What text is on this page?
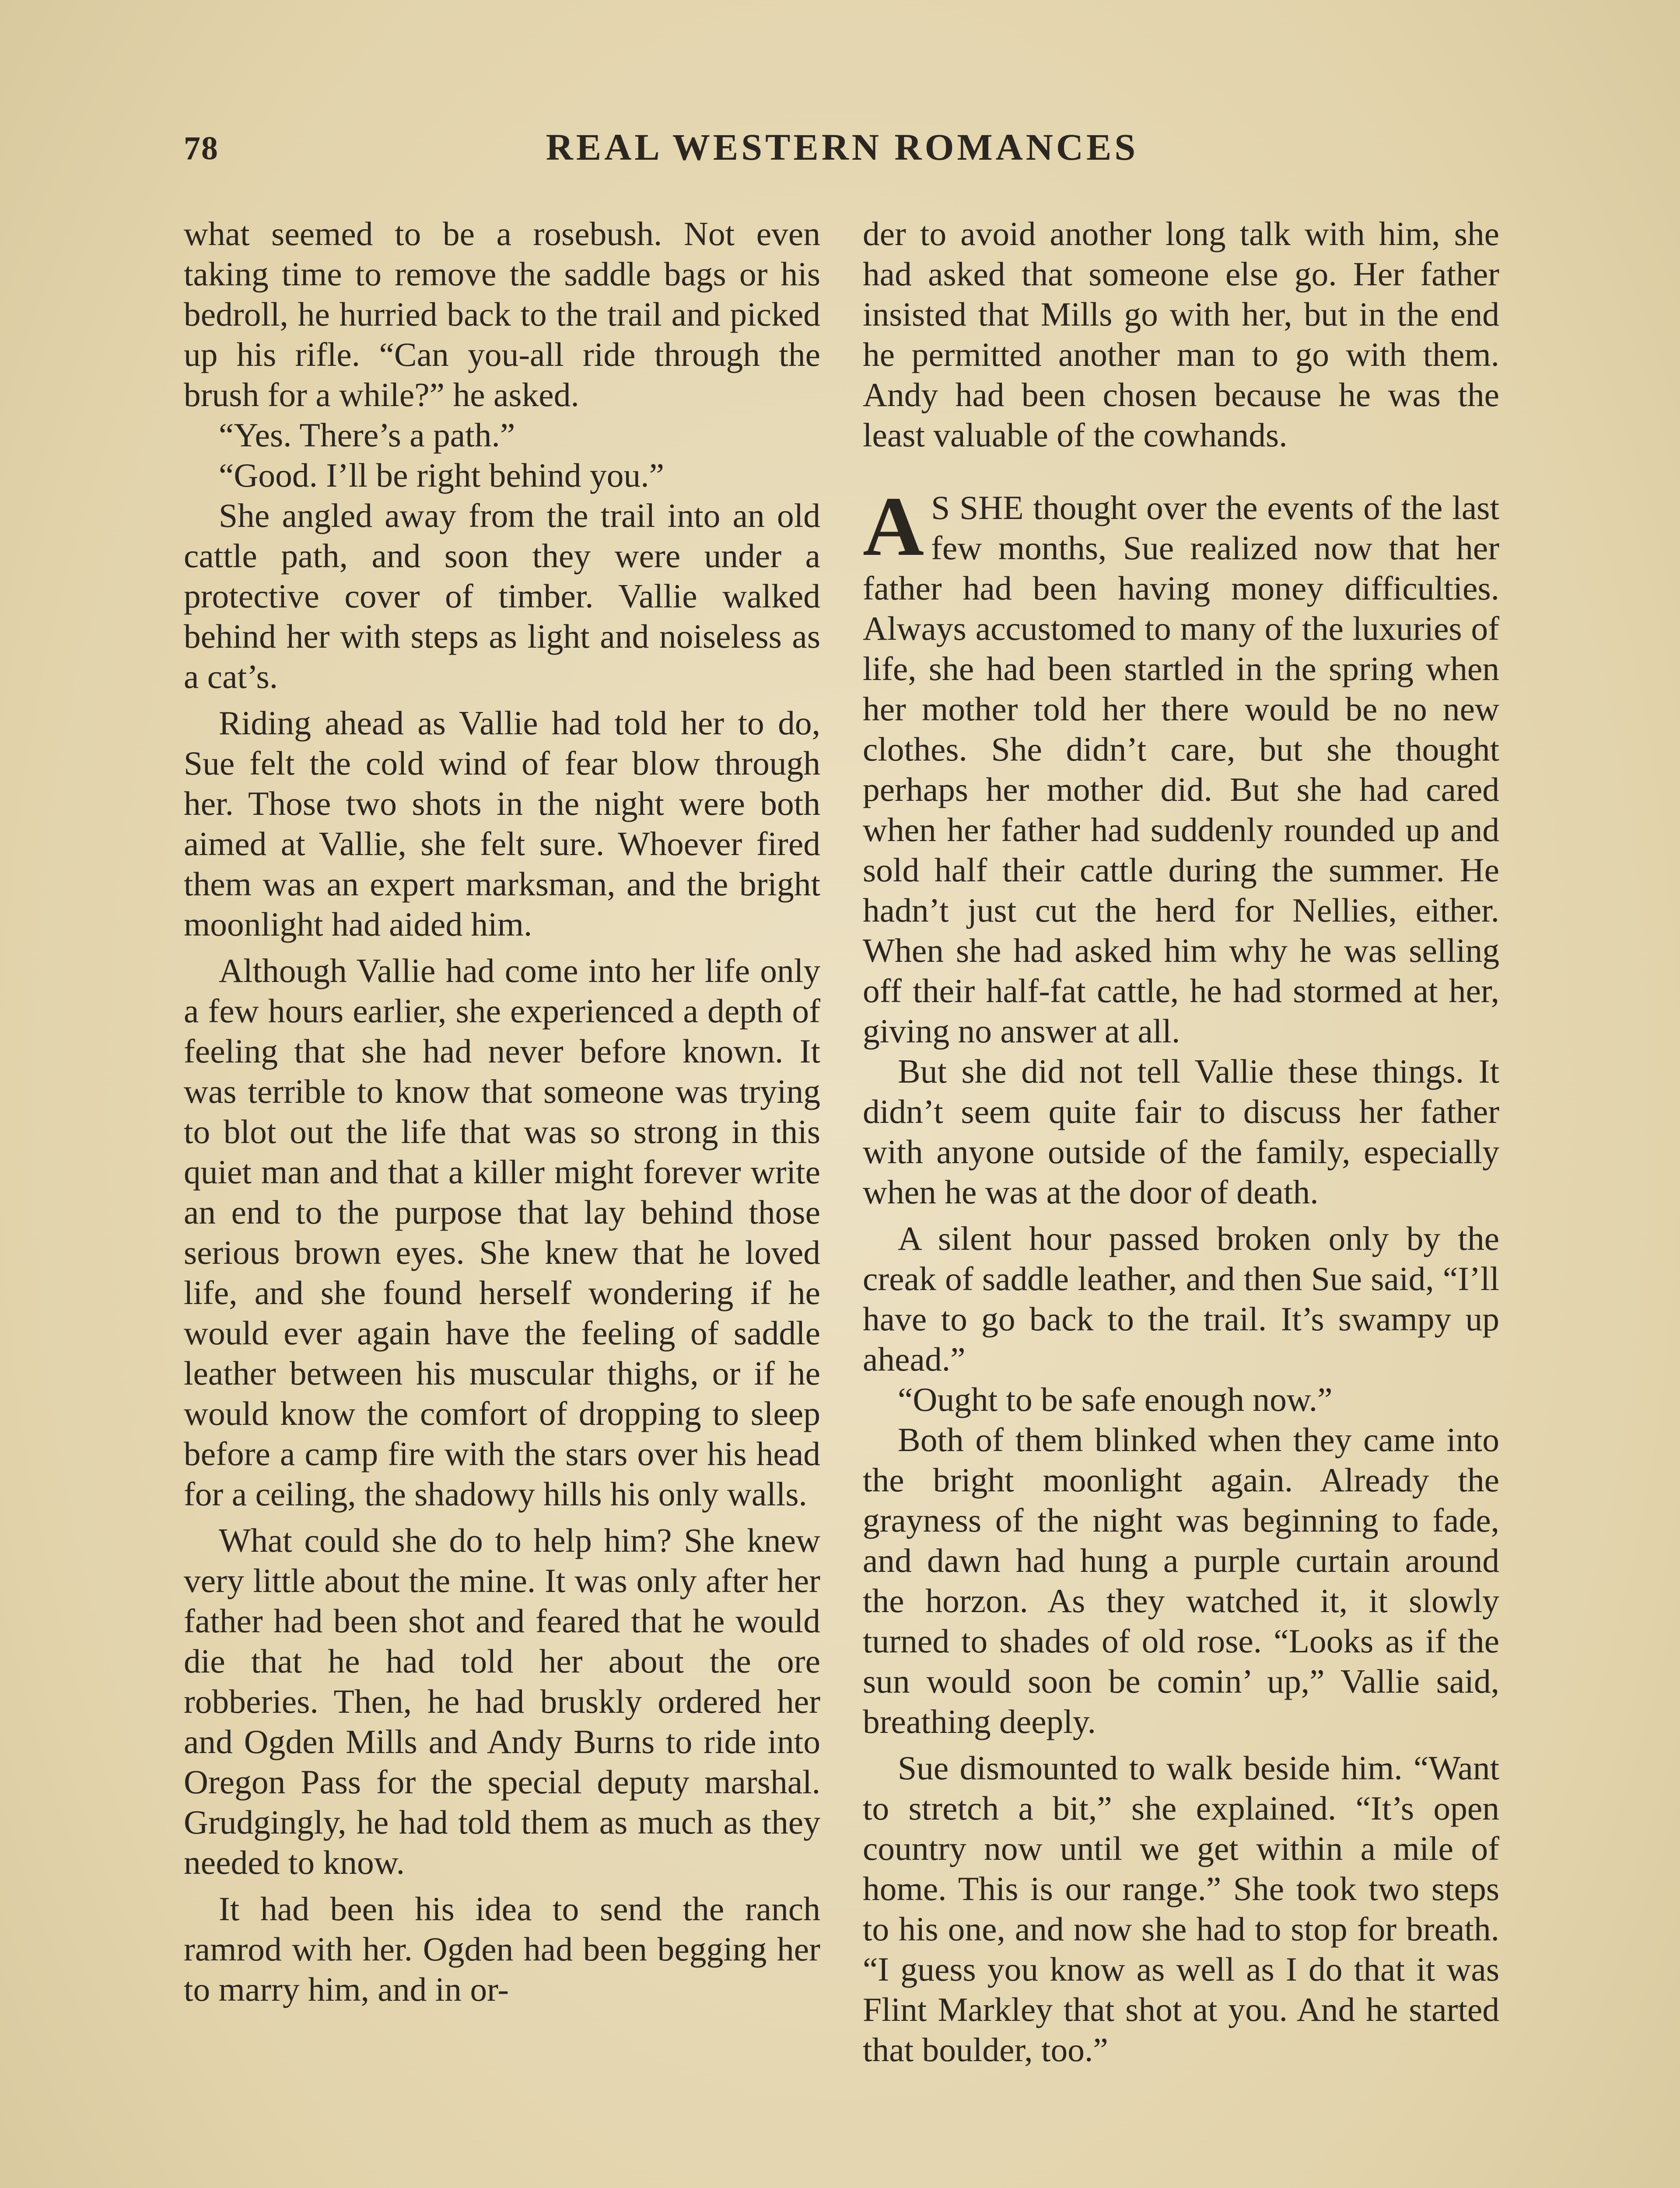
78	REAL WESTERN ROMANCES

what seemed to be a rosebush. Not even taking time to remove the saddle bags or his bedroll, he hurried back to the trail and picked up his rifle. “Can you-all ride through the brush for a while?” he asked.

“Yes. There’s a path.”

“Good. I’ll be right behind you.”

She angled away from the trail into an old cattle path, and soon they were under a protective cover of timber. Vallie walked behind her with steps as light and noiseless as a cat’s.

Riding ahead as Vallie had told her to do, Sue felt the cold wind of fear blow through her. Those two shots in the night were both aimed at Vallie, she felt sure. Whoever fired them was an expert marksman, and the bright moonlight had aided him.

Although Vallie had come into her life only a few hours earlier, she experienced a depth of feeling that she had never before known. It was terrible to know that someone was trying to blot out the life that was so strong in this quiet man and that a killer might forever write an end to the purpose that lay behind those serious brown eyes. She knew that he loved life, and she found herself wondering if he would ever again have the feeling of saddle leather between his muscular thighs, or if he would know the comfort of dropping to sleep before a camp fire with the stars over his head for a ceiling, the shadowy hills his only walls.

What could she do to help him? She knew very little about the mine. It was only after her father had been shot and feared that he would die that he had told her about the ore robberies. Then, he had bruskly ordered her and Ogden Mills and Andy Burns to ride into Oregon Pass for the special deputy marshal. Grudgingly, he had told them as much as they needed to know.

It had been his idea to send the ranch ramrod with her. Ogden had been begging her to marry him, and in or-

der to avoid another long talk with him, she had asked that someone else go. Her father insisted that Mills go with her, but in the end he permitted another man to go with them. Andy had been chosen because he was the least valuable of the cowhands.

A S SHE thought over the events of the last few months, Sue realized now that her father had been having money difficulties. Always accustomed to many of the luxuries of life, she had been startled in the spring when her mother told her there would be no new clothes. She didn’t care, but she thought perhaps her mother did. But she had cared when her father had suddenly rounded up and sold half their cattle during the summer. He hadn’t just cut the herd for Nellies, either. When she had asked him why he was selling off their half-fat cattle, he had stormed at her, giving no answer at all.

But she did not tell Vallie these things. It didn’t seem quite fair to discuss her father with anyone outside of the family, especially when he was at the door of death.

A silent hour passed broken only by the creak of saddle leather, and then Sue said, “I’ll have to go back to the trail. It’s swampy up ahead.”

“Ought to be safe enough now.”

Both of them blinked when they came into the bright moonlight again. Already the grayness of the night was beginning to fade, and dawn had hung a purple curtain around the horzon. As they watched it, it slowly turned to shades of old rose. “Looks as if the sun would soon be comin’ up,” Vallie said, breathing deeply.

Sue dismounted to walk beside him. “Want to stretch a bit,” she explained. “It’s open country now until we get within a mile of home. This is our range.” She took two steps to his one, and now she had to stop for breath. “I guess you know as well as I do that it was Flint Markley that shot at you. And he started that boulder, too.”
